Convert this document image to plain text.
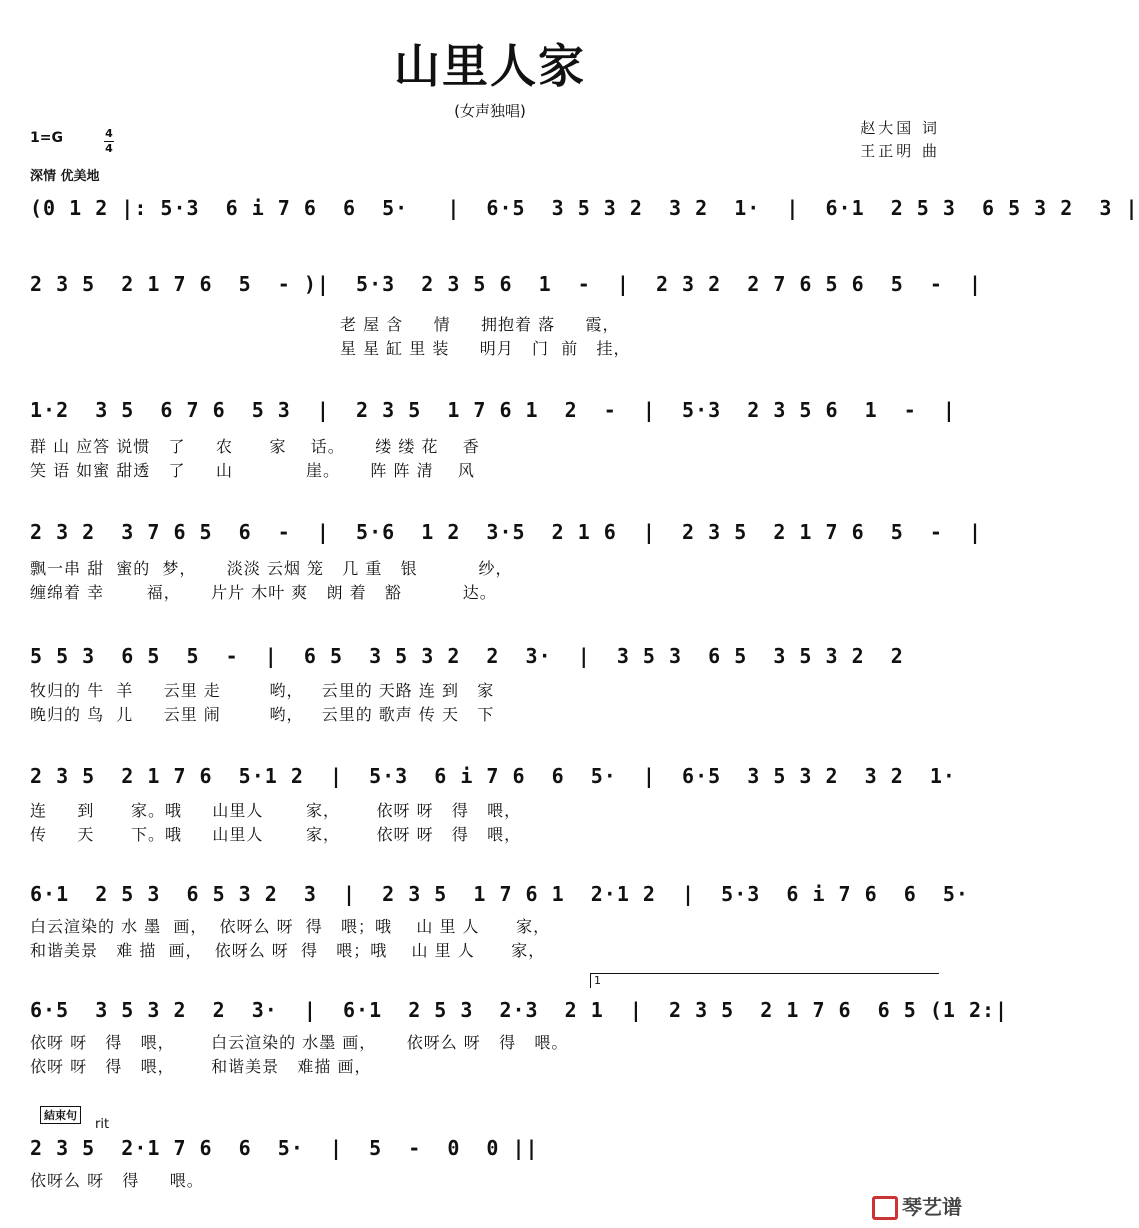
山里人家
(女声独唱)
赵大国 词
王正明 曲
1=G	4
4
深情 优美地
(0 1 2 |: 5·3  6 i 7 6  6  5·   |  6·5  3 5 3 2  3 2  1·  |  6·1  2 5 3  6 5 3 2  3 |
2 3 5  2 1 7 6  5  - )|  5·3  2 3 5 6  1  -  |  2 3 2  2 7 6 5 6  5  -  |
老 屋 含     情     拥抱着 落     霞，
星 星 缸 里 装     明月   门  前   挂，
1·2  3 5  6 7 6  5 3  |  2 3 5  1 7 6 1  2  -  |  5·3  2 3 5 6  1  -  |
群 山 应答 说惯   了     农      家    话。     缕 缕 花    香
笑 语 如蜜 甜透   了     山            崖。     阵 阵 清    风
2 3 2  3 7 6 5  6  -  |  5·6  1 2  3·5  2 1 6  |  2 3 5  2 1 7 6  5  -  |
飘一串 甜  蜜的  梦，     淡淡 云烟 笼   几 重   银          纱，
缠绵着 幸       福，     片片 木叶 爽   朗 着   豁          达。
5 5 3  6 5  5  -  |  6 5  3 5 3 2  2  3·  |  3 5 3  6 5  3 5 3 2  2
牧归的 牛  羊     云里 走        哟，   云里的 天路 连 到   家
晚归的 鸟  儿     云里 闹        哟，   云里的 歌声 传 天   下
2 3 5  2 1 7 6  5·1 2  |  5·3  6 i 7 6  6  5·  |  6·5  3 5 3 2  3 2  1·
连     到      家。哦     山里人       家，      依呀 呀   得   喂，
传     天      下。哦     山里人       家，      依呀 呀   得   喂，
6·1  2 5 3  6 5 3 2  3  |  2 3 5  1 7 6 1  2·1 2  |  5·3  6 i 7 6  6  5·
白云渲染的 水 墨  画，  依呀么 呀  得   喂；哦    山 里 人      家，
和谐美景   难 描  画，  依呀么 呀  得   喂；哦    山 里 人      家，
1
6·5  3 5 3 2  2  3·  |  6·1  2 5 3  2·3  2 1  |  2 3 5  2 1 7 6  6 5 (1 2:|
依呀 呀   得   喂，      白云渲染的 水墨 画，     依呀么 呀   得   喂。
依呀 呀   得   喂，      和谐美景   难描 画，
結束句
rit
2 3 5  2·1 7 6  6  5·  |  5  -  0  0 ||
依呀么 呀   得     喂。
琴艺谱
